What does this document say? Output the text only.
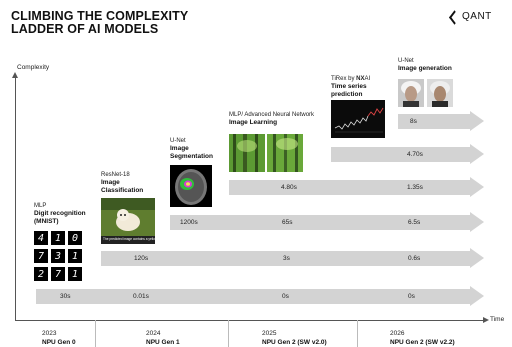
CLIMBING THE COMPLEXITY
LADDER OF AI MODELS
QANT
Complexity
Time
2023
NPU Gen 0
2024
NPU Gen 1
2025
NPU Gen 2 (SW v2.0)
2026
NPU Gen 2 (SW v2.2)
30s	0.01s	0s	0s
120s	3s	0.6s
1200s	65s	6.5s
4.80s	1.35s
4.70s
8s
MLP
Digit recognition
(MNIST)
4	1	0
7	3	1
2	7	1
ResNet-18
Image
Classification
The predicted image contains a yellow dog
U-Net
Image
Segmentation
MLP/ Advanced Neural Network
Image Learning
TiRex by NXAI
Time series
prediction
U-Net
Image generation
